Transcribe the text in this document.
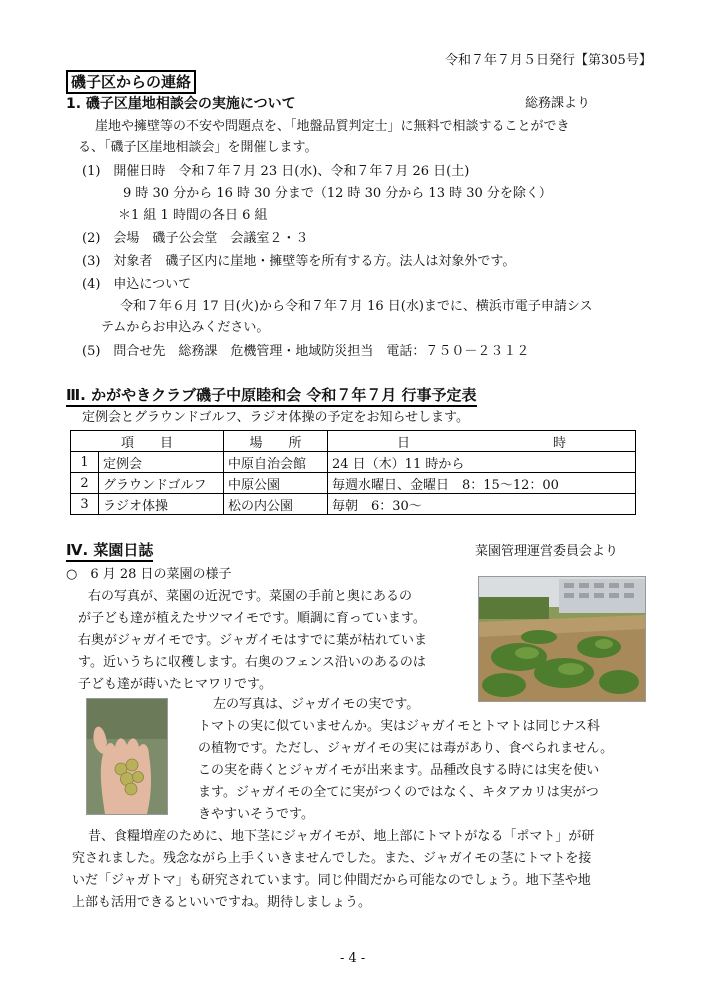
令和７年７月５日発行【第305号】
磯子区からの連絡
1. 磯子区崖地相談会の実施について	総務課より
崖地や擁壁等の不安や問題点を、「地盤品質判定士」に無料で相談することができ
る、「磯子区崖地相談会」を開催します。
(1)　開催日時　令和７年７月 23 日(水)、令和７年７月 26 日(土)
9 時 30 分から 16 時 30 分まで（12 時 30 分から 13 時 30 分を除く）
＊1 組 1 時間の各日 6 組
(2)　会場　磯子公会堂　会議室２・３
(3)　対象者　磯子区内に崖地・擁壁等を所有する方。法人は対象外です。
(4)　申込について
令和７年６月 17 日(火)から令和７年７月 16 日(水)までに、横浜市電子申請シス
テムからお申込みください。
(5)　問合せ先　総務課　危機管理・地域防災担当　電話：７５０－２３１２
Ⅲ. かがやきクラブ磯子中原睦和会 令和７年７月 行事予定表
定例会とグラウンドゴルフ、ラジオ体操の予定をお知らせします。
項　　目		場　　所	日　　　　　　　　　　　時
1	定例会	中原自治会館	24 日（木）11 時から
2	グラウンドゴルフ	中原公園	毎週水曜日、金曜日　8：15～12：00
3	ラジオ体操	松の内公園	毎朝　6：30～
Ⅳ. 菜園日誌	菜園管理運営委員会より
○　6 月 28 日の菜園の様子
右の写真が、菜園の近況です。菜園の手前と奥にあるの
が子ども達が植えたサツマイモです。順調に育っています。
右奥がジャガイモです。ジャガイモはすでに葉が枯れていま
す。近いうちに収穫します。右奥のフェンス沿いのあるのは
子ども達が蒔いたヒマワリです。
左の写真は、ジャガイモの実です。
トマトの実に似ていませんか。実はジャガイモとトマトは同じナス科
の植物です。ただし、ジャガイモの実には毒があり、食べられません。
この実を蒔くとジャガイモが出来ます。品種改良する時には実を使い
ます。ジャガイモの全てに実がつくのではなく、キタアカリは実がつ
きやすいそうです。
昔、食糧増産のために、地下茎にジャガイモが、地上部にトマトがなる「ポマト」が研
究されました。残念ながら上手くいきませんでした。また、ジャガイモの茎にトマトを接
いだ「ジャガトマ」も研究されています。同じ仲間だから可能なのでしょう。地下茎や地
上部も活用できるといいですね。期待しましょう。
- 4 -
